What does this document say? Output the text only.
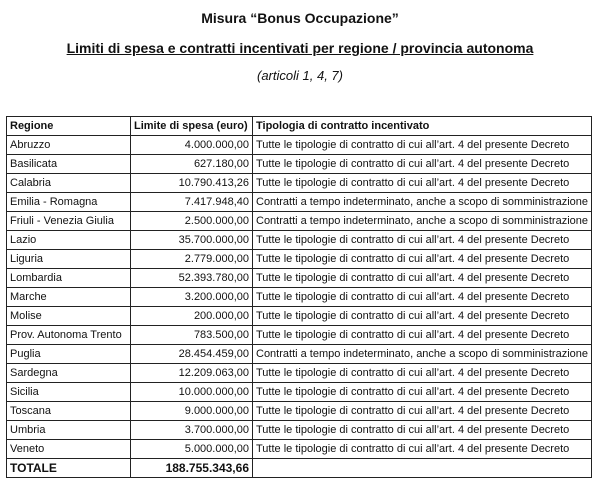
Misura “Bonus Occupazione”
Limiti di spesa e contratti incentivati per regione / provincia autonoma
(articoli 1, 4, 7)
Regione	Limite di spesa (euro)	Tipologia di contratto incentivato
Abruzzo	4.000.000,00	Tutte le tipologie di contratto di cui all’art. 4 del presente Decreto
Basilicata	627.180,00	Tutte le tipologie di contratto di cui all’art. 4 del presente Decreto
Calabria	10.790.413,26	Tutte le tipologie di contratto di cui all’art. 4 del presente Decreto
Emilia - Romagna	7.417.948,40	Contratti a tempo indeterminato, anche a scopo di somministrazione
Friuli - Venezia Giulia	2.500.000,00	Contratti a tempo indeterminato, anche a scopo di somministrazione
Lazio	35.700.000,00	Tutte le tipologie di contratto di cui all’art. 4 del presente Decreto
Liguria	2.779.000,00	Tutte le tipologie di contratto di cui all’art. 4 del presente Decreto
Lombardia	52.393.780,00	Tutte le tipologie di contratto di cui all’art. 4 del presente Decreto
Marche	3.200.000,00	Tutte le tipologie di contratto di cui all’art. 4 del presente Decreto
Molise	200.000,00	Tutte le tipologie di contratto di cui all’art. 4 del presente Decreto
Prov. Autonoma Trento	783.500,00	Tutte le tipologie di contratto di cui all’art. 4 del presente Decreto
Puglia	28.454.459,00	Contratti a tempo indeterminato, anche a scopo di somministrazione
Sardegna	12.209.063,00	Tutte le tipologie di contratto di cui all’art. 4 del presente Decreto
Sicilia	10.000.000,00	Tutte le tipologie di contratto di cui all’art. 4 del presente Decreto
Toscana	9.000.000,00	Tutte le tipologie di contratto di cui all’art. 4 del presente Decreto
Umbria	3.700.000,00	Tutte le tipologie di contratto di cui all’art. 4 del presente Decreto
Veneto	5.000.000,00	Tutte le tipologie di contratto di cui all’art. 4 del presente Decreto
TOTALE	188.755.343,66	
